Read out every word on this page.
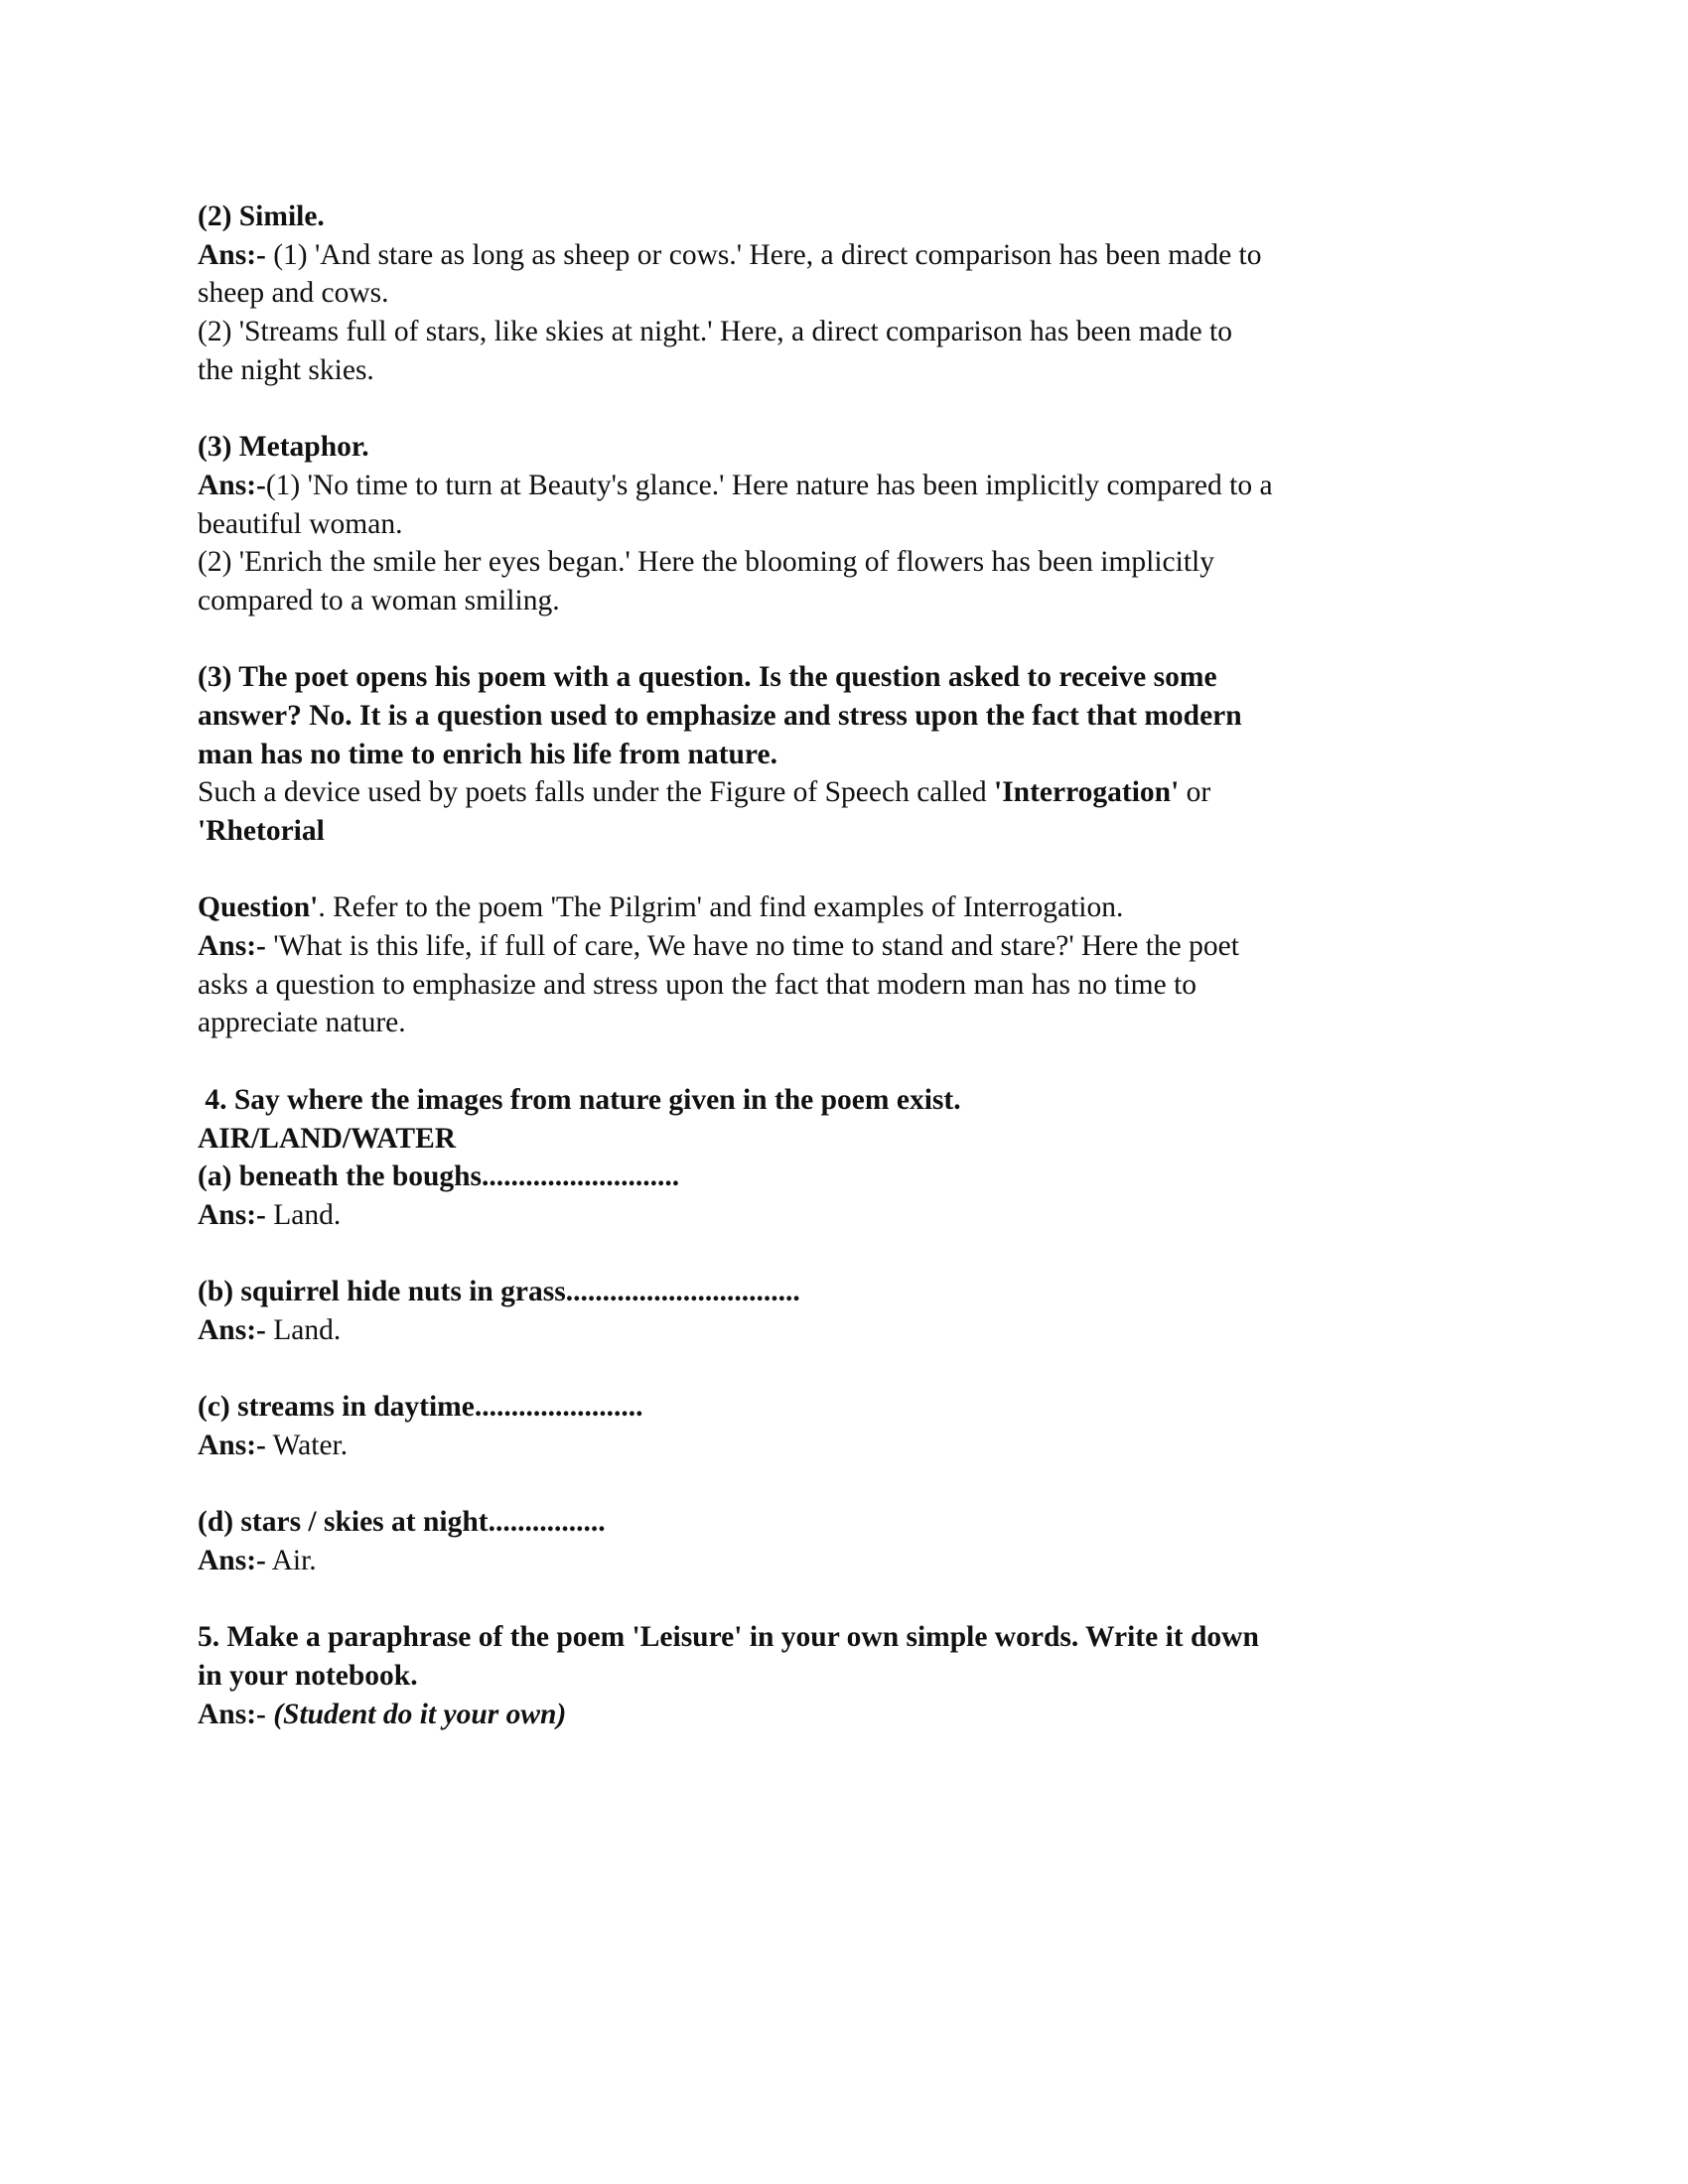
(2) Simile.
Ans:- (1) 'And stare as long as sheep or cows.' Here, a direct comparison has been made to
sheep and cows.
(2) 'Streams full of stars, like skies at night.' Here, a direct comparison has been made to
the night skies.
(3) Metaphor.
Ans:-(1) 'No time to turn at Beauty's glance.' Here nature has been implicitly compared to a
beautiful woman.
(2) 'Enrich the smile her eyes began.' Here the blooming of flowers has been implicitly
compared to a woman smiling.
(3) The poet opens his poem with a question. Is the question asked to receive some
answer? No. It is a question used to emphasize and stress upon the fact that modern
man has no time to enrich his life from nature.
Such a device used by poets falls under the Figure of Speech called 'Interrogation' or
'Rhetorial
Question'. Refer to the poem 'The Pilgrim' and find examples of Interrogation.
Ans:- 'What is this life, if full of care, We have no time to stand and stare?' Here the poet
asks a question to emphasize and stress upon the fact that modern man has no time to
appreciate nature.
4. Say where the images from nature given in the poem exist.
AIR/LAND/WATER
(a) beneath the boughs...........................
Ans:- Land.
(b) squirrel hide nuts in grass................................
Ans:- Land.
(c) streams in daytime.......................
Ans:- Water.
(d) stars / skies at night................
Ans:- Air.
5. Make a paraphrase of the poem 'Leisure' in your own simple words. Write it down
in your notebook.
Ans:- (Student do it your own)
